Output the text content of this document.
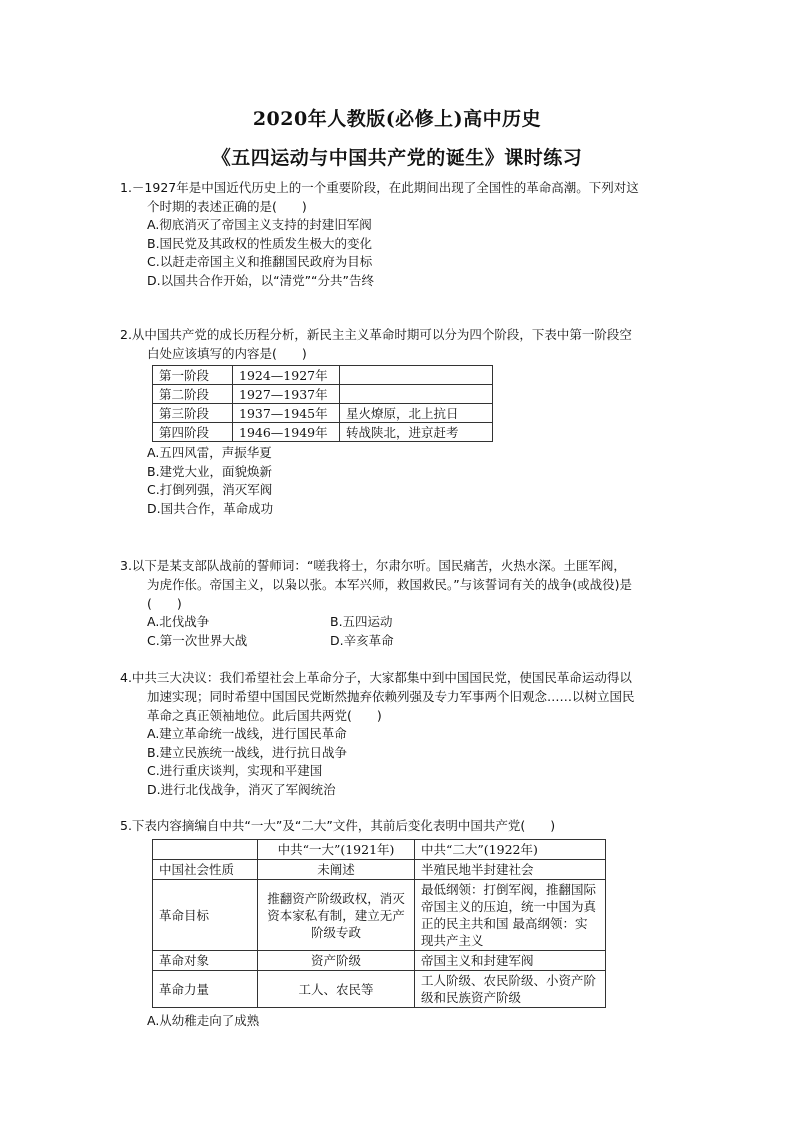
2020年人教版(必修上)高中历史
《五四运动与中国共产党的诞生》课时练习

1.－1927年是中国近代历史上的一个重要阶段，在此期间出现了全国性的革命高潮。下列对这
个时期的表述正确的是(　　)

A.彻底消灭了帝国主义支持的封建旧军阀

B.国民党及其政权的性质发生极大的变化

C.以赶走帝国主义和推翻国民政府为目标

D.以国共合作开始，以“清党”“分共”告终

2.从中国共产党的成长历程分析，新民主主义革命时期可以分为四个阶段，下表中第一阶段空
白处应该填写的内容是(　　)

第一阶段	1924—1927年	
第二阶段	1927—1937年	
第三阶段	1937—1945年	星火燎原，北上抗日
第四阶段	1946—1949年	转战陕北，进京赶考

A.五四风雷，声振华夏

B.建党大业，面貌焕新

C.打倒列强，消灭军阀

D.国共合作，革命成功

3.以下是某支部队战前的誓师词：“嗟我将士，尔肃尔听。国民痛苦，火热水深。土匪军阀，
为虎作伥。帝国主义，以枭以张。本军兴师，救国救民。”与该誓词有关的战争(或战役)是
(　　)

A.北伐战争	B.五四运动
C.第一次世界大战	D.辛亥革命

4.中共三大决议：我们希望社会上革命分子，大家都集中到中国国民党，使国民革命运动得以
加速实现；同时希望中国国民党断然抛弃依赖列强及专力军事两个旧观念……以树立国民
革命之真正领袖地位。此后国共两党(　　)

A.建立革命统一战线，进行国民革命

B.建立民族统一战线，进行抗日战争

C.进行重庆谈判，实现和平建国

D.进行北伐战争，消灭了军阀统治

5.下表内容摘编自中共“一大”及“二大”文件，其前后变化表明中国共产党(　　)

	中共“一大”(1921年)	中共“二大”(1922年)
中国社会性质	未阐述	半殖民地半封建社会
革命目标	推翻资产阶级政权，消灭资本家私有制，建立无产阶级专政	最低纲领：打倒军阀，推翻国际帝国主义的压迫，统一中国为真正的民主共和国 最高纲领：实现共产主义
革命对象	资产阶级	帝国主义和封建军阀
革命力量	工人、农民等	工人阶级、农民阶级、小资产阶级和民族资产阶级

A.从幼稚走向了成熟
